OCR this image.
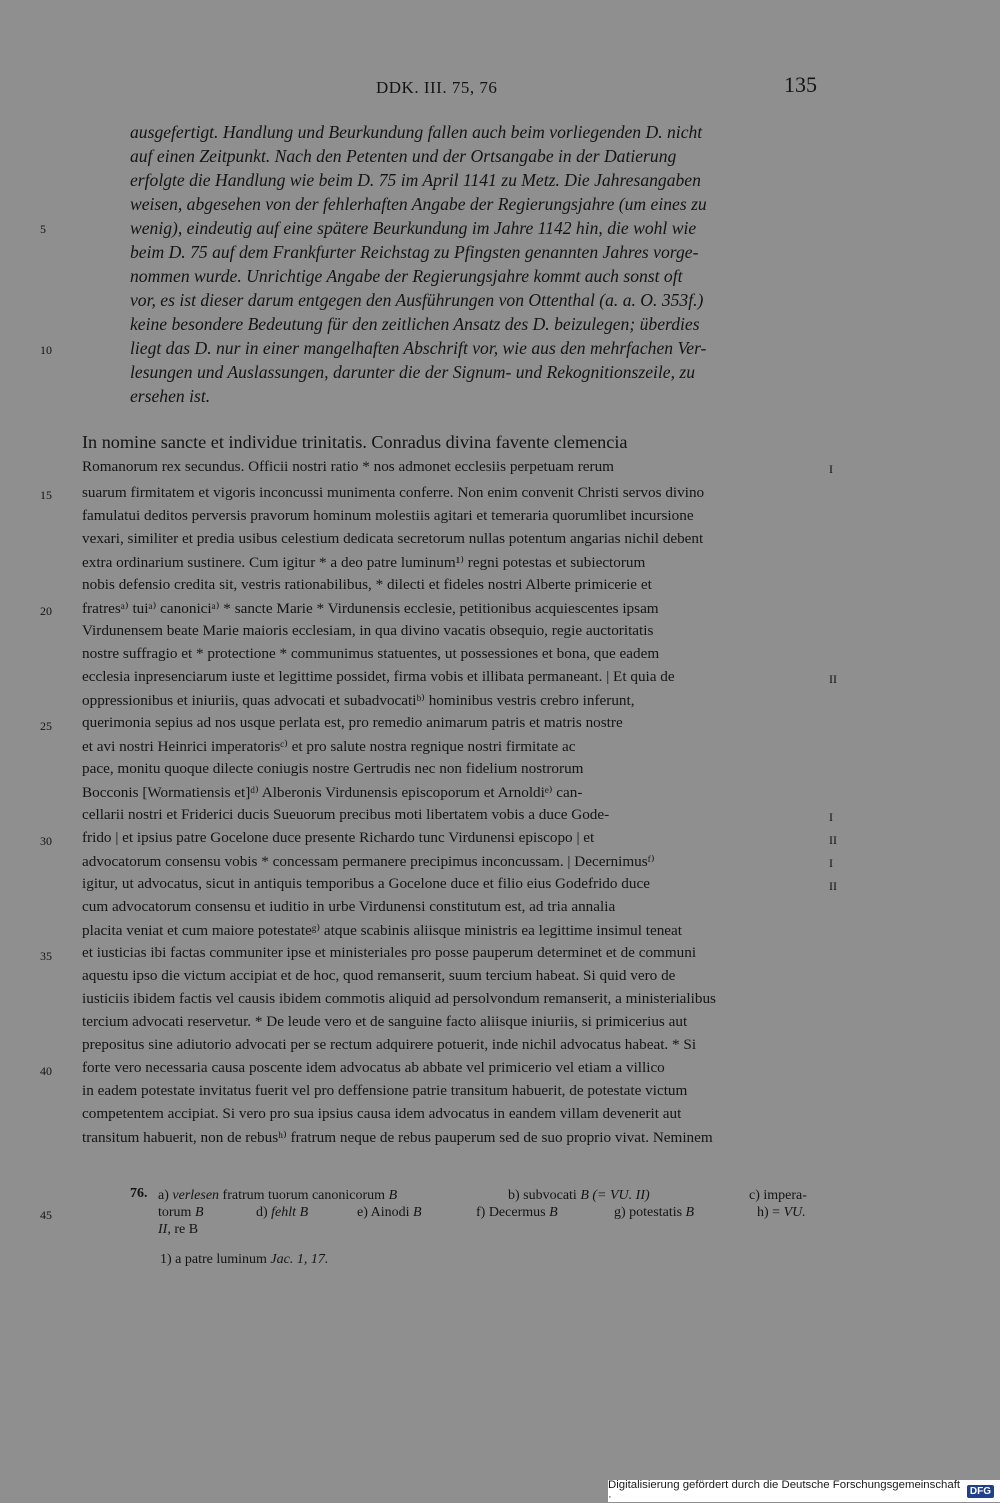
DDK. III. 75, 76	135
ausgefertigt. Handlung und Beurkundung fallen auch beim vorliegenden D. nicht
auf einen Zeitpunkt. Nach den Petenten und der Ortsangabe in der Datierung
erfolgte die Handlung wie beim D. 75 im April 1141 zu Metz. Die Jahresangaben
weisen, abgesehen von der fehlerhaften Angabe der Regierungsjahre (um eines zu
wenig), eindeutig auf eine spätere Beurkundung im Jahre 1142 hin, die wohl wie
beim D. 75 auf dem Frankfurter Reichstag zu Pfingsten genannten Jahres vorge-
nommen wurde. Unrichtige Angabe der Regierungsjahre kommt auch sonst oft
vor, es ist dieser darum entgegen den Ausführungen von Ottenthal (a. a. O. 353f.)
keine besondere Bedeutung für den zeitlichen Ansatz des D. beizulegen; überdies
liegt das D. nur in einer mangelhaften Abschrift vor, wie aus den mehrfachen Ver-
lesungen und Auslassungen, darunter die der Signum- und Rekognitionszeile, zu
ersehen ist.
In nomine sancte et individue trinitatis. Conradus divina favente clemencia
Romanorum rex secundus. Officii nostri ratio * nos admonet ecclesiis perpetuam rerum
suarum firmitatem et vigoris inconcussi munimenta conferre. Non enim convenit Christi servos divino
famulatui deditos perversis pravorum hominum molestiis agitari et temeraria quorumlibet incursione
vexari, similiter et predia usibus celestium dedicata secretorum nullas potentum angarias nichil debent
extra ordinarium sustinere. Cum igitur * a deo patre luminum¹⁾ regni potestas et subiectorum
nobis defensio credita sit, vestris rationabilibus, * dilecti et fideles nostri Alberte primicerie et
fratresᵃ⁾ tuiᵃ⁾ canoniciᵃ⁾ * sancte Marie * Virdunensis ecclesie, petitionibus acquiescentes ipsam
Virdunensem beate Marie maioris ecclesiam, in qua divino vacatis obsequio, regie auctoritatis
nostre suffragio et * protectione * communimus statuentes, ut possessiones et bona, que eadem
ecclesia inpresenciarum iuste et legittime possidet, firma vobis et illibata permaneant. | Et quia de
oppressionibus et iniuriis, quas advocati et subadvocatiᵇ⁾ hominibus vestris crebro inferunt,
querimonia sepius ad nos usque perlata est, pro remedio animarum patris et matris nostre
et avi nostri Heinrici imperatorisᶜ⁾ et pro salute nostra regnique nostri firmitate ac
pace, monitu quoque dilecte coniugis nostre Gertrudis nec non fidelium nostrorum
Bocconis [Wormatiensis et]ᵈ⁾ Alberonis Virdunensis episcoporum et Arnoldiᵉ⁾ can-
cellarii nostri et Friderici ducis Sueuorum precibus moti libertatem vobis a duce Gode-
frido | et ipsius patre Gocelone duce presente Richardo tunc Virdunensi episcopo | et
advocatorum consensu vobis * concessam permanere precipimus inconcussam. | Decernimusᶠ⁾
igitur, ut advocatus, sicut in antiquis temporibus a Gocelone duce et filio eius Godefrido duce
cum advocatorum consensu et iuditio in urbe Virdunensi constitutum est, ad tria annalia
placita veniat et cum maiore potestateᵍ⁾ atque scabinis aliisque ministris ea legittime insimul teneat
et iusticias ibi factas communiter ipse et ministeriales pro posse pauperum determinet et de communi
aquestu ipso die victum accipiat et de hoc, quod remanserit, suum tercium habeat. Si quid vero de
iusticiis ibidem factis vel causis ibidem commotis aliquid ad persolvondum remanserit, a ministerialibus
tercium advocati reservetur. * De leude vero et de sanguine facto aliisque iniuriis, si primicerius aut
prepositus sine adiutorio advocati per se rectum adquirere potuerit, inde nichil advocatus habeat. * Si
forte vero necessaria causa poscente idem advocatus ab abbate vel primicerio vel etiam a villico
in eadem potestate invitatus fuerit vel pro deffensione patrie transitum habuerit, de potestate victum
competentem accipiat. Si vero pro sua ipsius causa idem advocatus in eandem villam devenerit aut
transitum habuerit, non de rebusʰ⁾ fratrum neque de rebus pauperum sed de suo proprio vivat. Neminem
5
10
15
20
25
30
35
40
45
I
II
I
II
I
II
76. a) verlesen fratrum tuorum canonicorum B	b) subvocati B (= VU. II)	c) impera-
torum B	d) fehlt B	e) Ainodi B	f) Decermus B	g) potestatis B	h) = VU.
II, re B
1) a patre luminum Jac. 1, 17.
Digitalisierung gefördert durch die Deutsche Forschungsgemeinschaft ·	DFG
